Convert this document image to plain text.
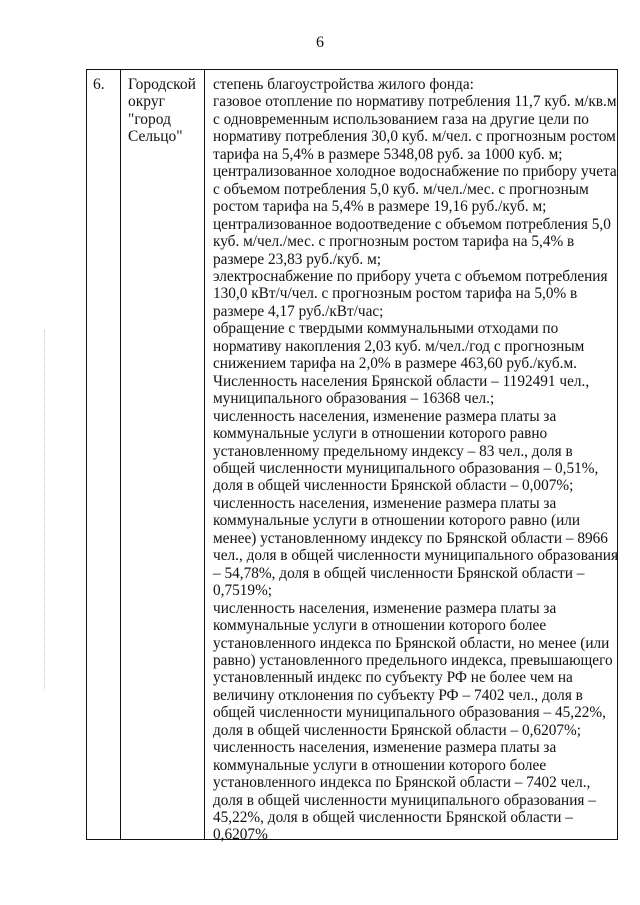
6
6. Городской
округ
"город
Сельцо"
степень благоустройства жилого фонда:
газовое отопление по нормативу потребления 11,7 куб. м/кв.м
с одновременным использованием газа на другие цели по
нормативу потребления 30,0 куб. м/чел. с прогнозным ростом
тарифа на 5,4% в размере 5348,08 руб. за 1000 куб. м;
централизованное холодное водоснабжение по прибору учета
с объемом потребления 5,0 куб. м/чел./мес. с прогнозным
ростом тарифа на 5,4% в размере 19,16 руб./куб. м;
централизованное водоотведение с объемом потребления 5,0
куб. м/чел./мес. с прогнозным ростом тарифа на 5,4% в
размере 23,83 руб./куб. м;
электроснабжение по прибору учета с объемом потребления
130,0 кВт/ч/чел. с прогнозным ростом тарифа на 5,0% в
размере 4,17 руб./кВт/час;
обращение с твердыми коммунальными отходами по
нормативу накопления 2,03 куб. м/чел./год с прогнозным
снижением тарифа на 2,0% в размере 463,60 руб./куб.м.
Численность населения Брянской области – 1192491 чел.,
муниципального образования – 16368 чел.;
численность населения, изменение размера платы за
коммунальные услуги в отношении которого равно
установленному предельному индексу – 83 чел., доля в
общей численности муниципального образования – 0,51%,
доля в общей численности Брянской области – 0,007%;
численность населения, изменение размера платы за
коммунальные услуги в отношении которого равно (или
менее) установленному индексу по Брянской области – 8966
чел., доля в общей численности муниципального образования
– 54,78%, доля в общей численности Брянской области –
0,7519%;
численность населения, изменение размера платы за
коммунальные услуги в отношении которого более
установленного индекса по Брянской области, но менее (или
равно) установленного предельного индекса, превышающего
установленный индекс по субъекту РФ не более чем на
величину отклонения по субъекту РФ – 7402 чел., доля в
общей численности муниципального образования – 45,22%,
доля в общей численности Брянской области – 0,6207%;
численность населения, изменение размера платы за
коммунальные услуги в отношении которого более
установленного индекса по Брянской области – 7402 чел.,
доля в общей численности муниципального образования –
45,22%, доля в общей численности Брянской области –
0,6207%
